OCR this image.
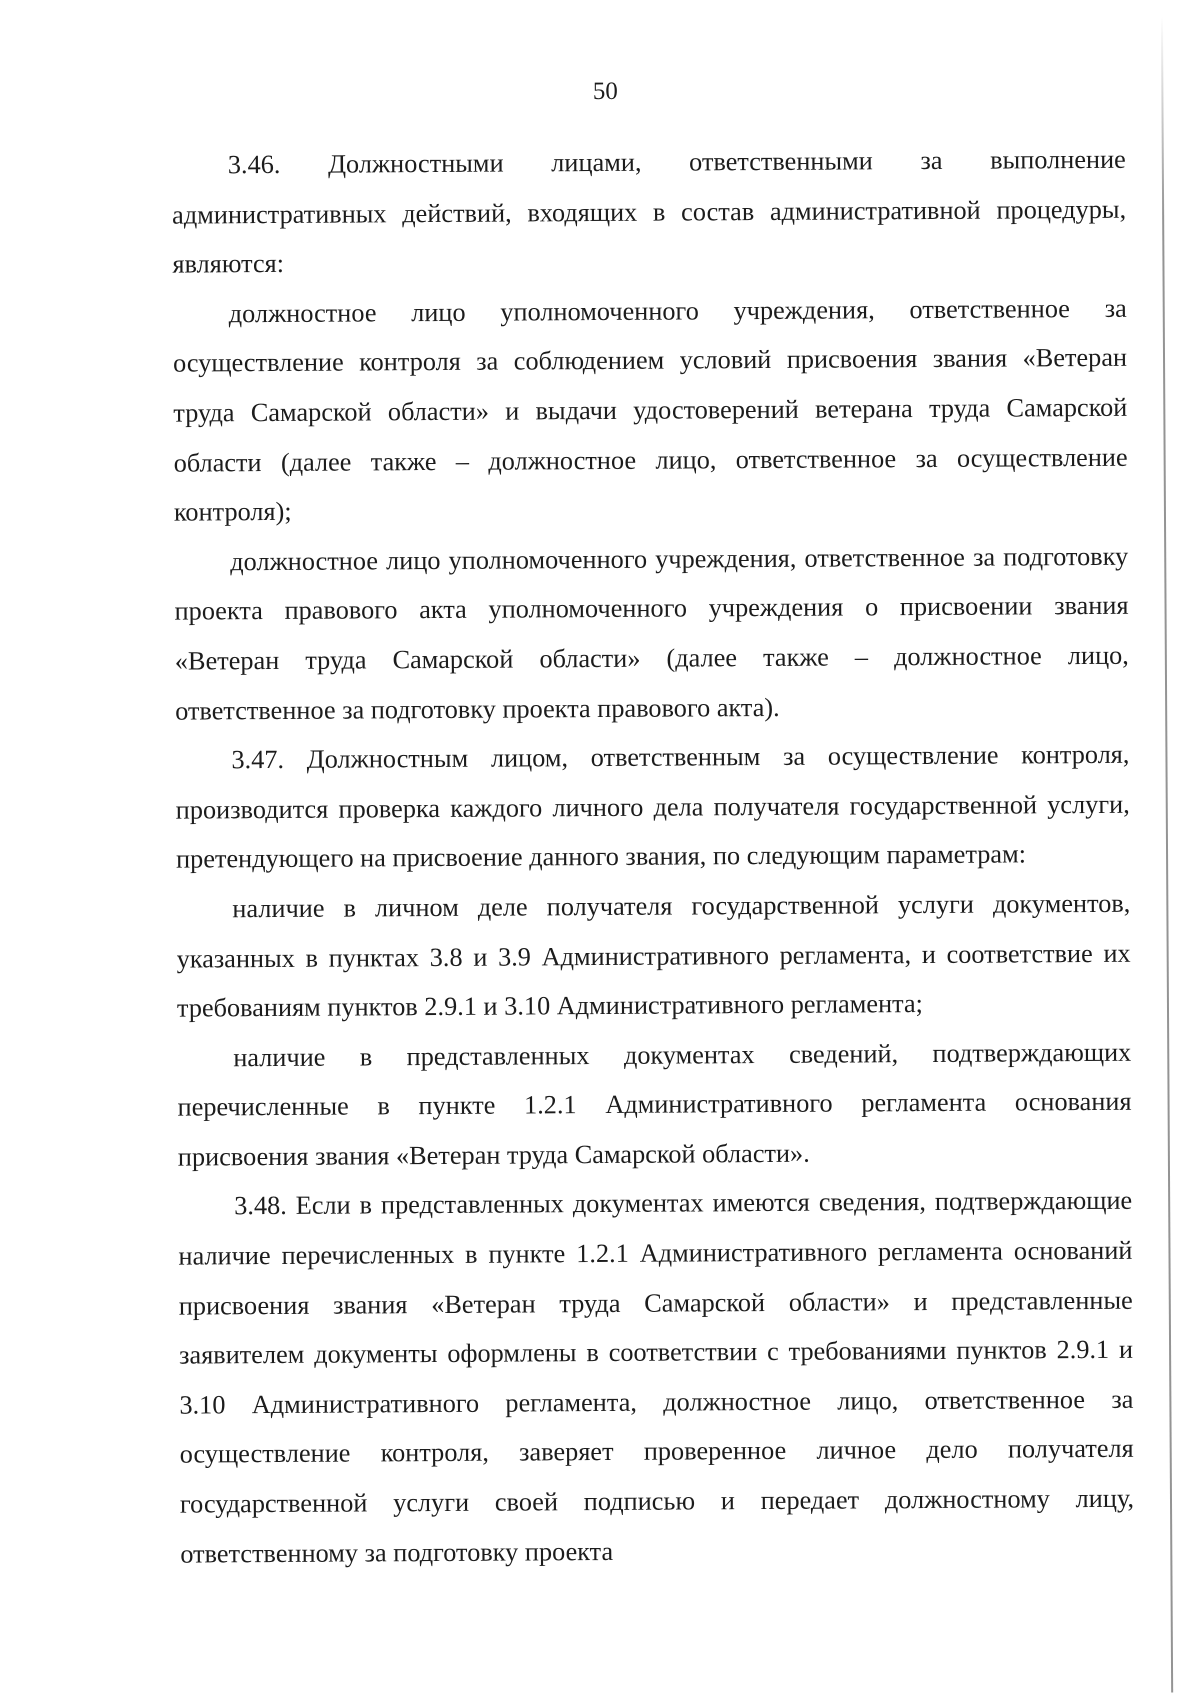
50

3.46. Должностными лицами, ответственными за выполнение административных действий, входящих в состав административной процедуры, являются:

должностное лицо уполномоченного учреждения, ответственное за осуществление контроля за соблюдением условий присвоения звания «Ветеран труда Самарской области» и выдачи удостоверений ветерана труда Самарской области (далее также – должностное лицо, ответственное за осуществление контроля);

должностное лицо уполномоченного учреждения, ответственное за подготовку проекта правового акта уполномоченного учреждения о присвоении звания «Ветеран труда Самарской области» (далее также – должностное лицо, ответственное за подготовку проекта правового акта).

3.47. Должностным лицом, ответственным за осуществление контроля, производится проверка каждого личного дела получателя государственной услуги, претендующего на присвоение данного звания, по следующим параметрам:

наличие в личном деле получателя государственной услуги документов, указанных в пунктах 3.8 и 3.9 Административного регламента, и соответствие их требованиям пунктов 2.9.1 и 3.10 Административного регламента;

наличие в представленных документах сведений, подтверждающих перечисленные в пункте 1.2.1 Административного регламента основания присвоения звания «Ветеран труда Самарской области».

3.48. Если в представленных документах имеются сведения, подтверждающие наличие перечисленных в пункте 1.2.1 Административного регламента оснований присвоения звания «Ветеран труда Самарской области» и представленные заявителем документы оформлены в соответствии с требованиями пунктов 2.9.1 и 3.10 Административного регламента, должностное лицо, ответственное за осуществление контроля, заверяет проверенное личное дело получателя государственной услуги своей подписью и передает должностному лицу, ответственному за подготовку проекта
